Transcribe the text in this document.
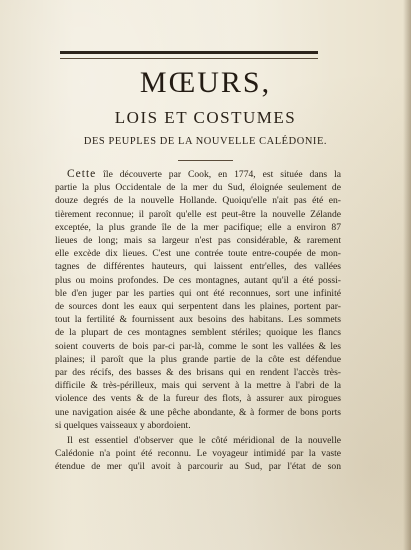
MŒURS,
LOIS ET COSTUMES
DES PEUPLES DE LA NOUVELLE CALÉDONIE.
Cette île découverte par Cook, en 1774, est située dans la
partie la plus Occidentale de la mer du Sud, éloignée seulement de
douze degrés de la nouvelle Hollande. Quoiqu'elle n'ait pas été en-
tièrement reconnue; il paroît qu'elle est peut-être la nouvelle Zélande
exceptée, la plus grande île de la mer pacifique; elle a environ 87
lieues de long; mais sa largeur n'est pas considérable, & rarement
elle excède dix lieues. C'est une contrée toute entre-coupée de mon-
tagnes de différentes hauteurs, qui laissent entr'elles, des vallées
plus ou moins profondes. De ces montagnes, autant qu'il a été possi-
ble d'en juger par les parties qui ont été reconnues, sort une infinité
de sources dont les eaux qui serpentent dans les plaines, portent par-
tout la fertilité & fournissent aux besoins des habitans. Les sommets
de la plupart de ces montagnes semblent stériles; quoique les flancs
soient couverts de bois par-ci par-là, comme le sont les vallées & les
plaines; il paroît que la plus grande partie de la côte est défendue
par des récifs, des basses & des brisans qui en rendent l'accès très-
difficile & très-périlleux, mais qui servent à la mettre à l'abri de la
violence des vents & de la fureur des flots, à assurer aux pirogues
une navigation aisée & une pêche abondante, & à former de bons ports
si quelques vaisseaux y abordoient.
Il est essentiel d'observer que le côté méridional de la nouvelle
Calédonie n'a point été reconnu. Le voyageur intimidé par la vaste
étendue de mer qu'il avoit à parcourir au Sud, par l'état de son
